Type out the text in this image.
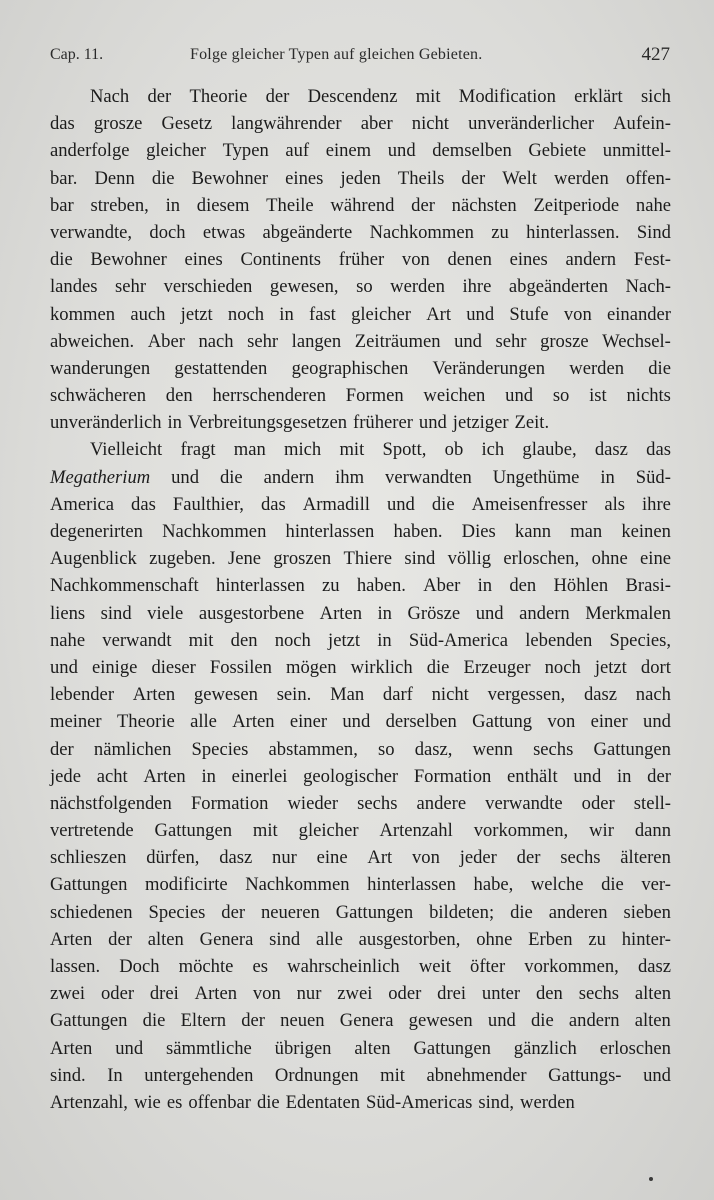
Cap. 11.	Folge gleicher Typen auf gleichen Gebieten.	427
Nach der Theorie der Descendenz mit Modification erklärt sich
das grosze Gesetz langwährender aber nicht unveränderlicher Aufein-
anderfolge gleicher Typen auf einem und demselben Gebiete unmittel-
bar. Denn die Bewohner eines jeden Theils der Welt werden offen-
bar streben, in diesem Theile während der nächsten Zeitperiode nahe
verwandte, doch etwas abgeänderte Nachkommen zu hinterlassen. Sind
die Bewohner eines Continents früher von denen eines andern Fest-
landes sehr verschieden gewesen, so werden ihre abgeänderten Nach-
kommen auch jetzt noch in fast gleicher Art und Stufe von einander
abweichen. Aber nach sehr langen Zeiträumen und sehr grosze Wechsel-
wanderungen gestattenden geographischen Veränderungen werden die
schwächeren den herrschenderen Formen weichen und so ist nichts
unveränderlich in Verbreitungsgesetzen früherer und jetziger Zeit.
Vielleicht fragt man mich mit Spott, ob ich glaube, dasz das
Megatherium und die andern ihm verwandten Ungethüme in Süd-
America das Faulthier, das Armadill und die Ameisenfresser als ihre
degenerirten Nachkommen hinterlassen haben. Dies kann man keinen
Augenblick zugeben. Jene groszen Thiere sind völlig erloschen, ohne eine
Nachkommenschaft hinterlassen zu haben. Aber in den Höhlen Brasi-
liens sind viele ausgestorbene Arten in Grösze und andern Merkmalen
nahe verwandt mit den noch jetzt in Süd-America lebenden Species,
und einige dieser Fossilen mögen wirklich die Erzeuger noch jetzt dort
lebender Arten gewesen sein. Man darf nicht vergessen, dasz nach
meiner Theorie alle Arten einer und derselben Gattung von einer und
der nämlichen Species abstammen, so dasz, wenn sechs Gattungen
jede acht Arten in einerlei geologischer Formation enthält und in der
nächstfolgenden Formation wieder sechs andere verwandte oder stell-
vertretende Gattungen mit gleicher Artenzahl vorkommen, wir dann
schlieszen dürfen, dasz nur eine Art von jeder der sechs älteren
Gattungen modificirte Nachkommen hinterlassen habe, welche die ver-
schiedenen Species der neueren Gattungen bildeten; die anderen sieben
Arten der alten Genera sind alle ausgestorben, ohne Erben zu hinter-
lassen. Doch möchte es wahrscheinlich weit öfter vorkommen, dasz
zwei oder drei Arten von nur zwei oder drei unter den sechs alten
Gattungen die Eltern der neuen Genera gewesen und die andern alten
Arten und sämmtliche übrigen alten Gattungen gänzlich erloschen
sind. In untergehenden Ordnungen mit abnehmender Gattungs- und
Artenzahl, wie es offenbar die Edentaten Süd-Americas sind, werden
